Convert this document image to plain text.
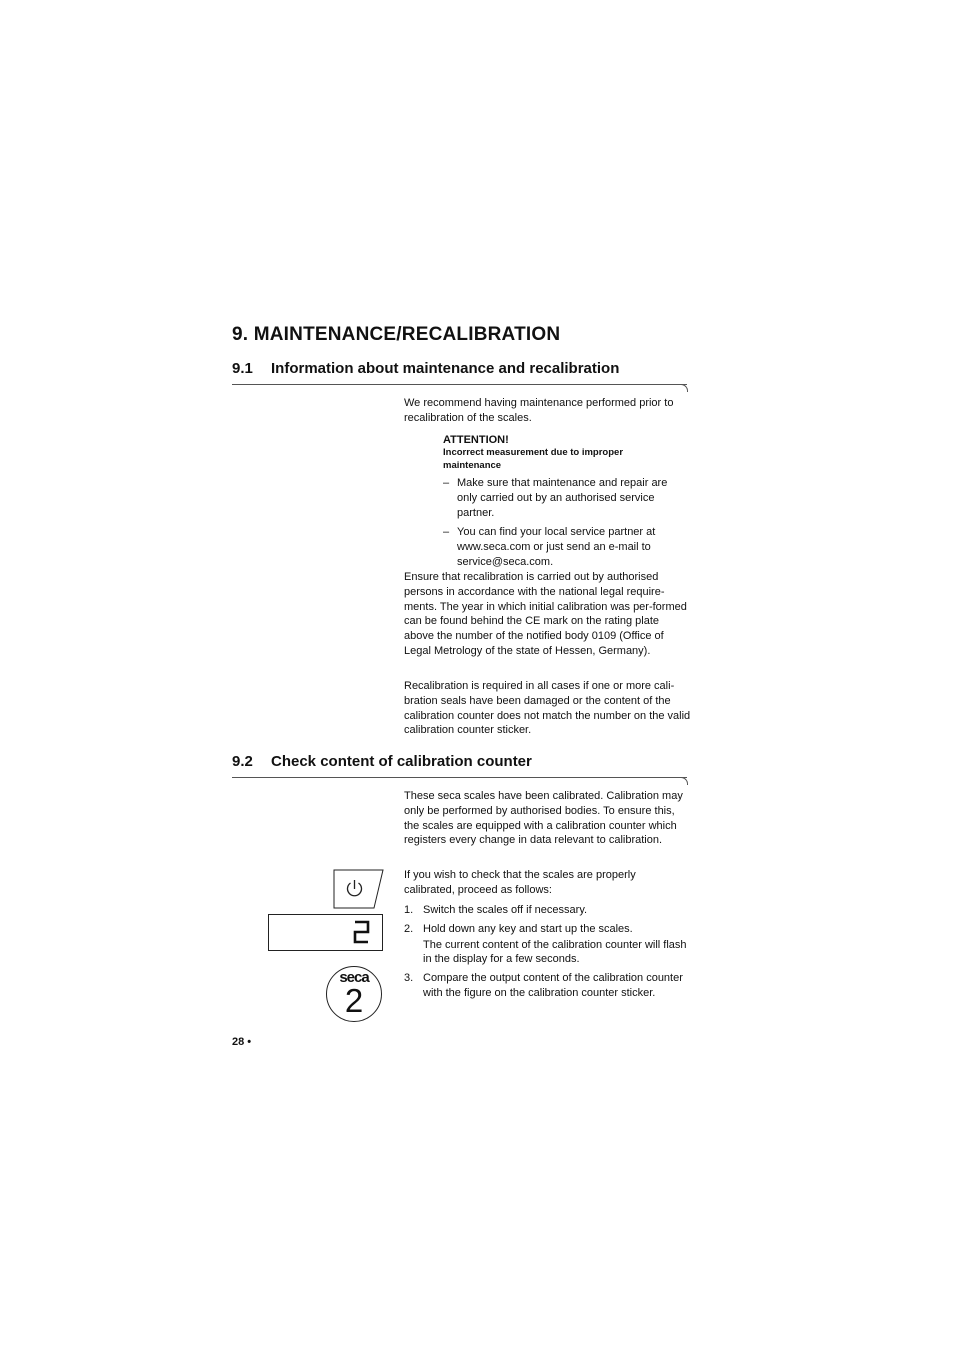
9. MAINTENANCE/RECALIBRATION
9.1 Information about maintenance and recalibration
We recommend having maintenance performed prior to recalibration of the scales.
ATTENTION!
Incorrect measurement due to improper maintenance
– Make sure that maintenance and repair are only carried out by an authorised service partner.
– You can find your local service partner at www.seca.com or just send an e-mail to service@seca.com.
Ensure that recalibration is carried out by authorised persons in accordance with the national legal require-ments. The year in which initial calibration was per-formed can be found behind the CE mark on the rating plate above the number of the notified body 0109 (Office of Legal Metrology of the state of Hessen, Germany).
Recalibration is required in all cases if one or more cali-bration seals have been damaged or the content of the calibration counter does not match the number on the valid calibration counter sticker.
9.2 Check content of calibration counter
These seca scales have been calibrated. Calibration may only be performed by authorised bodies. To ensure this, the scales are equipped with a calibration counter which registers every change in data relevant to calibration.
If you wish to check that the scales are properly calibrated, proceed as follows:
1. Switch the scales off if necessary.
2. Hold down any key and start up the scales.
The current content of the calibration counter will flash in the display for a few seconds.
3. Compare the output content of the calibration counter with the figure on the calibration counter sticker.
seca
2
28 •
